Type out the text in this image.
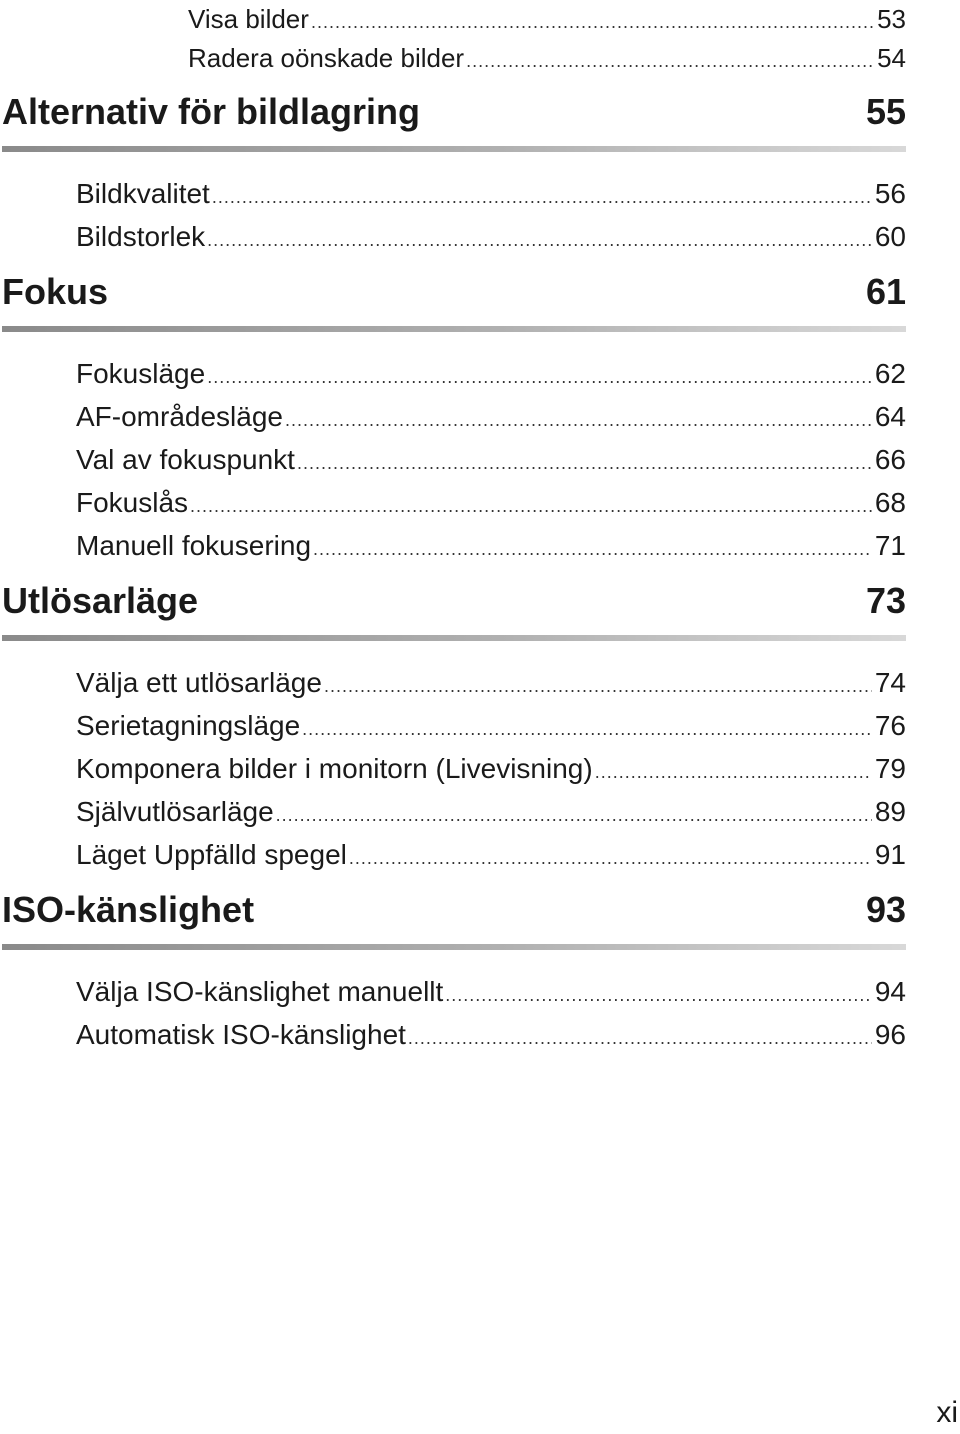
Visa bilder .....	53
Radera oönskade bilder .....	54
Alternativ för bildlagring	55
Bildkvalitet .....	56
Bildstorlek .....	60
Fokus	61
Fokusläge .....	62
AF-områdesläge .....	64
Val av fokuspunkt .....	66
Fokuslås .....	68
Manuell fokusering .....	71
Utlösarläge	73
Välja ett utlösarläge .....	74
Serietagningsläge .....	76
Komponera bilder i monitorn (Livevisning) .....	79
Självutlösarläge .....	89
Läget Uppfälld spegel .....	91
ISO-känslighet	93
Välja ISO-känslighet manuellt .....	94
Automatisk ISO-känslighet .....	96
xi
